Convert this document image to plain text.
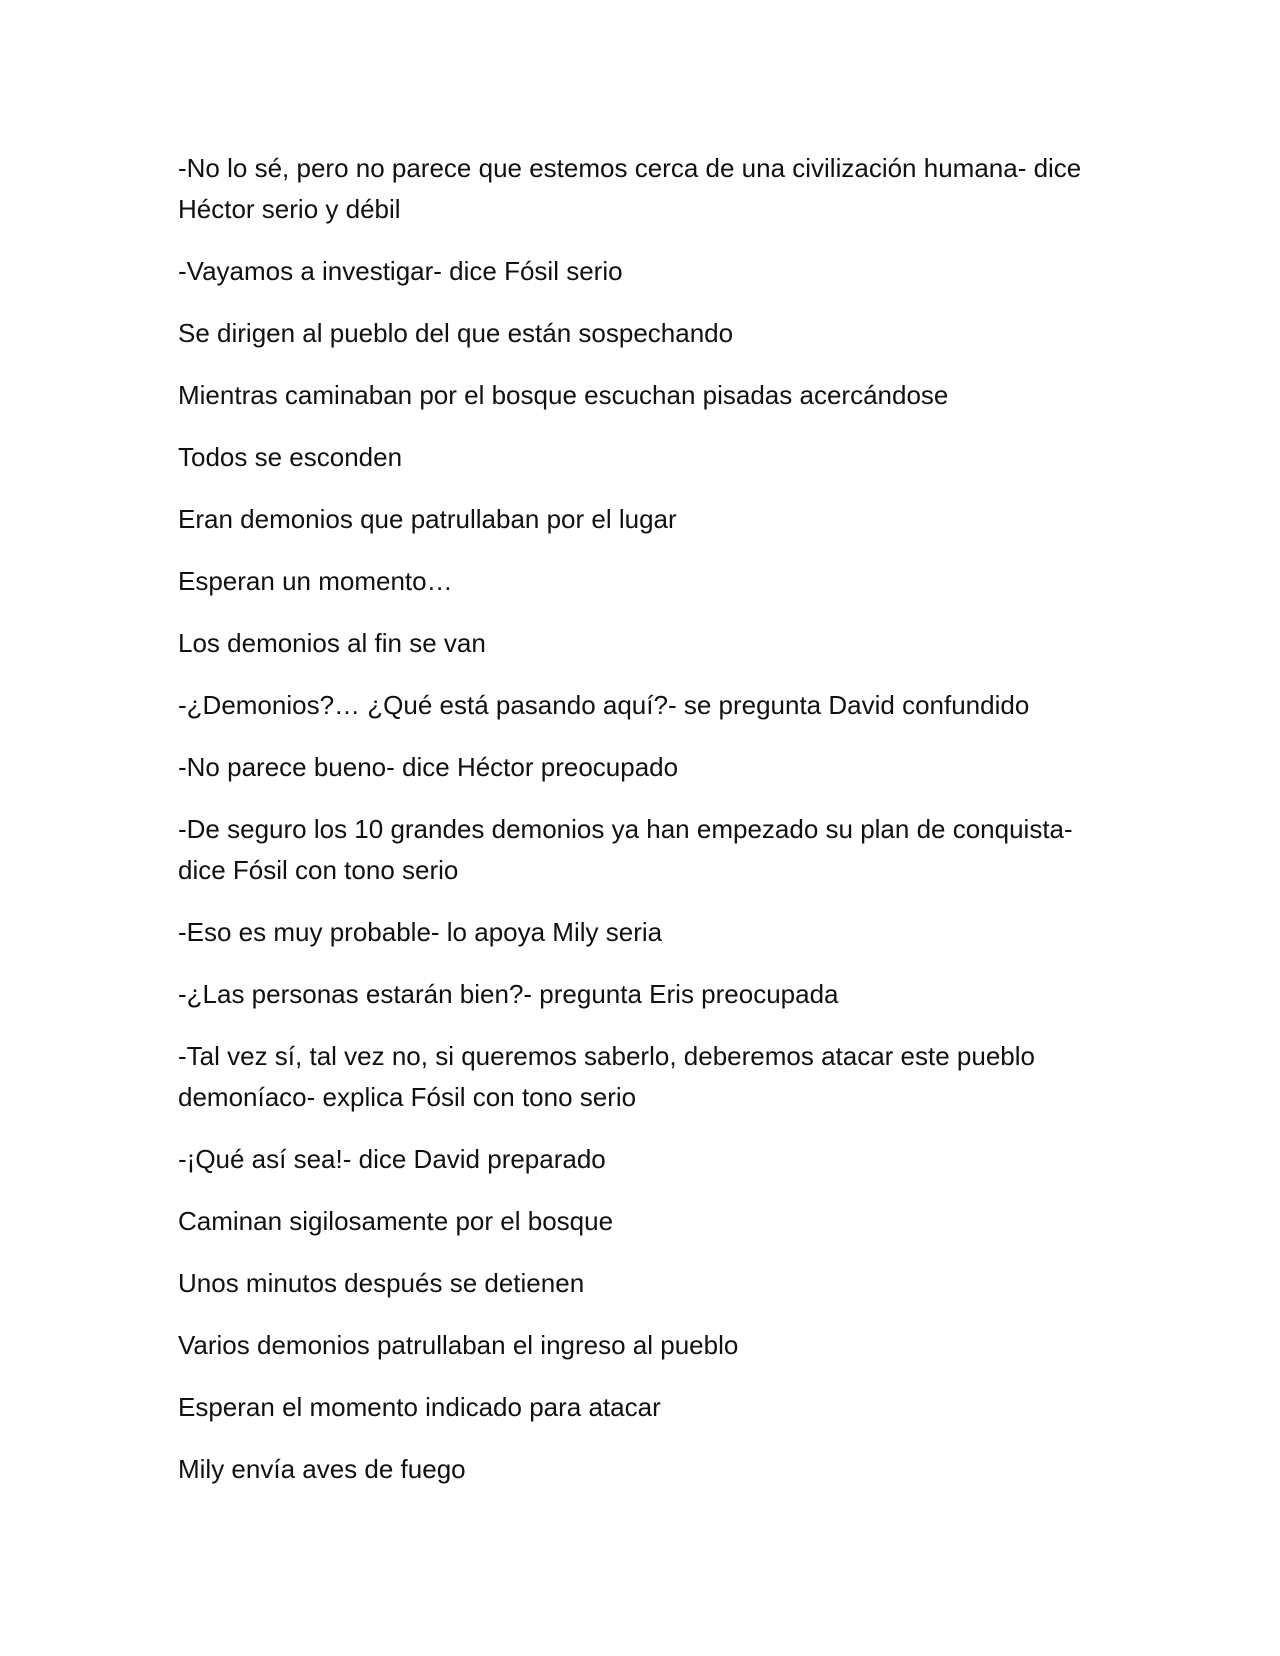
-No lo sé, pero no parece que estemos cerca de una civilización humana- dice Héctor serio y débil

-Vayamos a investigar- dice Fósil serio

Se dirigen al pueblo del que están sospechando

Mientras caminaban por el bosque escuchan pisadas acercándose

Todos se esconden

Eran demonios que patrullaban por el lugar

Esperan un momento…

Los demonios al fin se van

-¿Demonios?… ¿Qué está pasando aquí?- se pregunta David confundido

-No parece bueno- dice Héctor preocupado

-De seguro los 10 grandes demonios ya han empezado su plan de conquista- dice Fósil con tono serio

-Eso es muy probable- lo apoya Mily seria

-¿Las personas estarán bien?- pregunta Eris preocupada

-Tal vez sí, tal vez no, si queremos saberlo, deberemos atacar este pueblo demoníaco- explica Fósil con tono serio

-¡Qué así sea!- dice David preparado

Caminan sigilosamente por el bosque

Unos minutos después se detienen

Varios demonios patrullaban el ingreso al pueblo

Esperan el momento indicado para atacar

Mily envía aves de fuego
